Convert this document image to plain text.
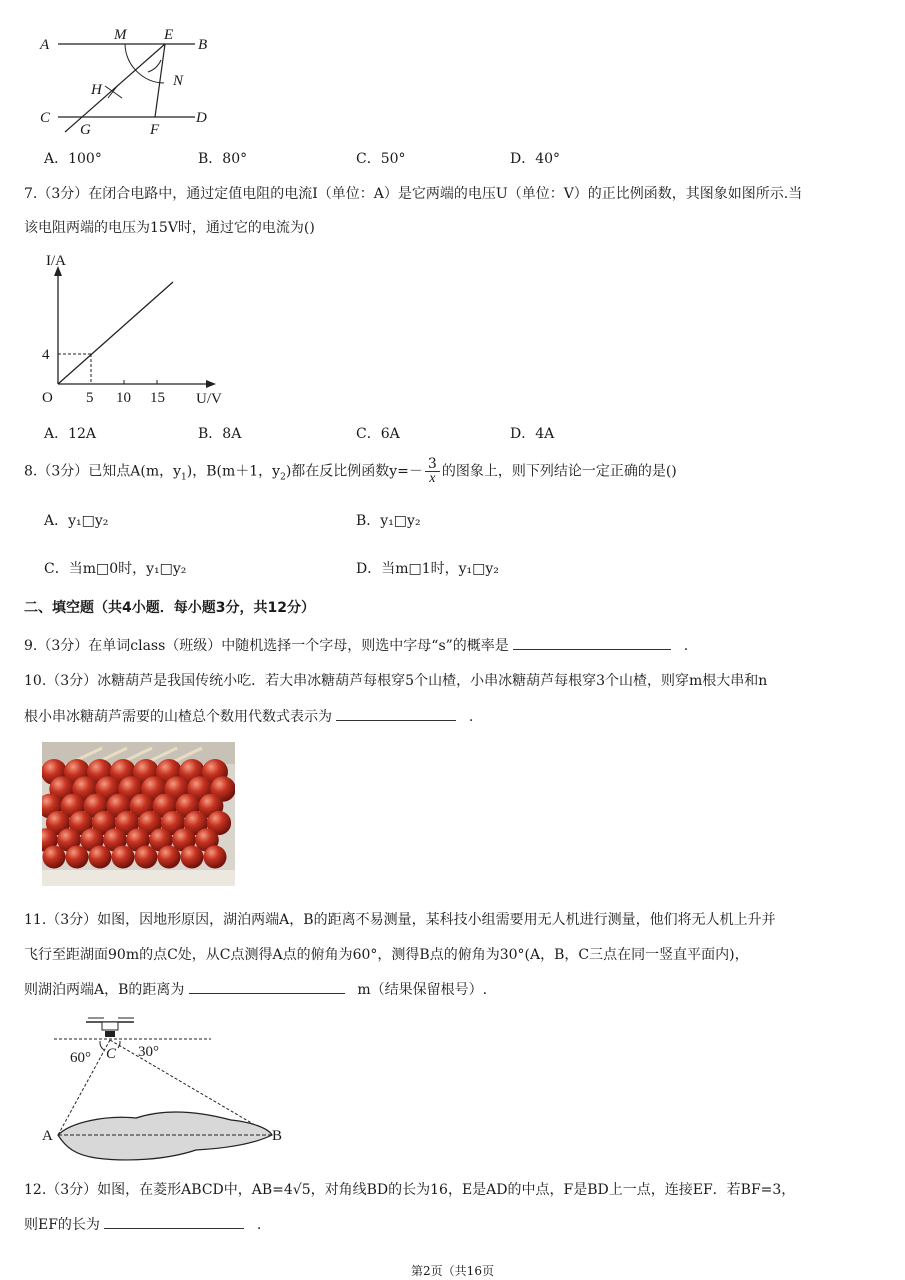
A	B
C	D
M	E
N
H
G	F
A．100°	B．80°	C．50°	D．40°
7.（3分）在闭合电路中，通过定值电阻的电流I（单位：A）是它两端的电压U（单位：V）的正比例函数，其图象如图所示.当
该电阻两端的电压为15V时，通过它的电流为()
I/A
U/V
O
4
5 10 15
A．12A	B．8A	C．6A	D．4A
8.（3分）已知点A(m，$y_1$)，B(m＋1，$y_2$)都在反比例函数$y=- \frac{3}{x}$ 的图象上，则下列结论一定正确的是()
A．y₁□y₂	B．y₁□y₂
C．当m□0时，y₁□y₂	D．当m□1时，y₁□y₂
二、填空题（共4小题．每小题3分，共12分）
9.（3分）在单词class（班级）中随机选择一个字母，则选中字母“s”的概率是	.
10.（3分）冰糖葫芦是我国传统小吃．若大串冰糖葫芦每根穿5个山楂，小串冰糖葫芦每根穿3个山楂，则穿m根大串和n
根小串冰糖葫芦需要的山楂总个数用代数式表示为	.
11.（3分）如图，因地形原因，湖泊两端A，B的距离不易测量，某科技小组需要用无人机进行测量，他们将无人机上升并
飞行至距湖面90m的点C处，从C点测得A点的俯角为60°，测得B点的俯角为30°(A，B，C三点在同一竖直平面内)，
则湖泊两端A，B的距离为	m（结果保留根号）.
60°	30°
C
A	B
12.（3分）如图，在菱形ABCD中，AB=4√5，对角线BD的长为16，E是AD的中点，F是BD上一点，连接EF．若BF=3，
则EF的长为	.
第2页（共16页
